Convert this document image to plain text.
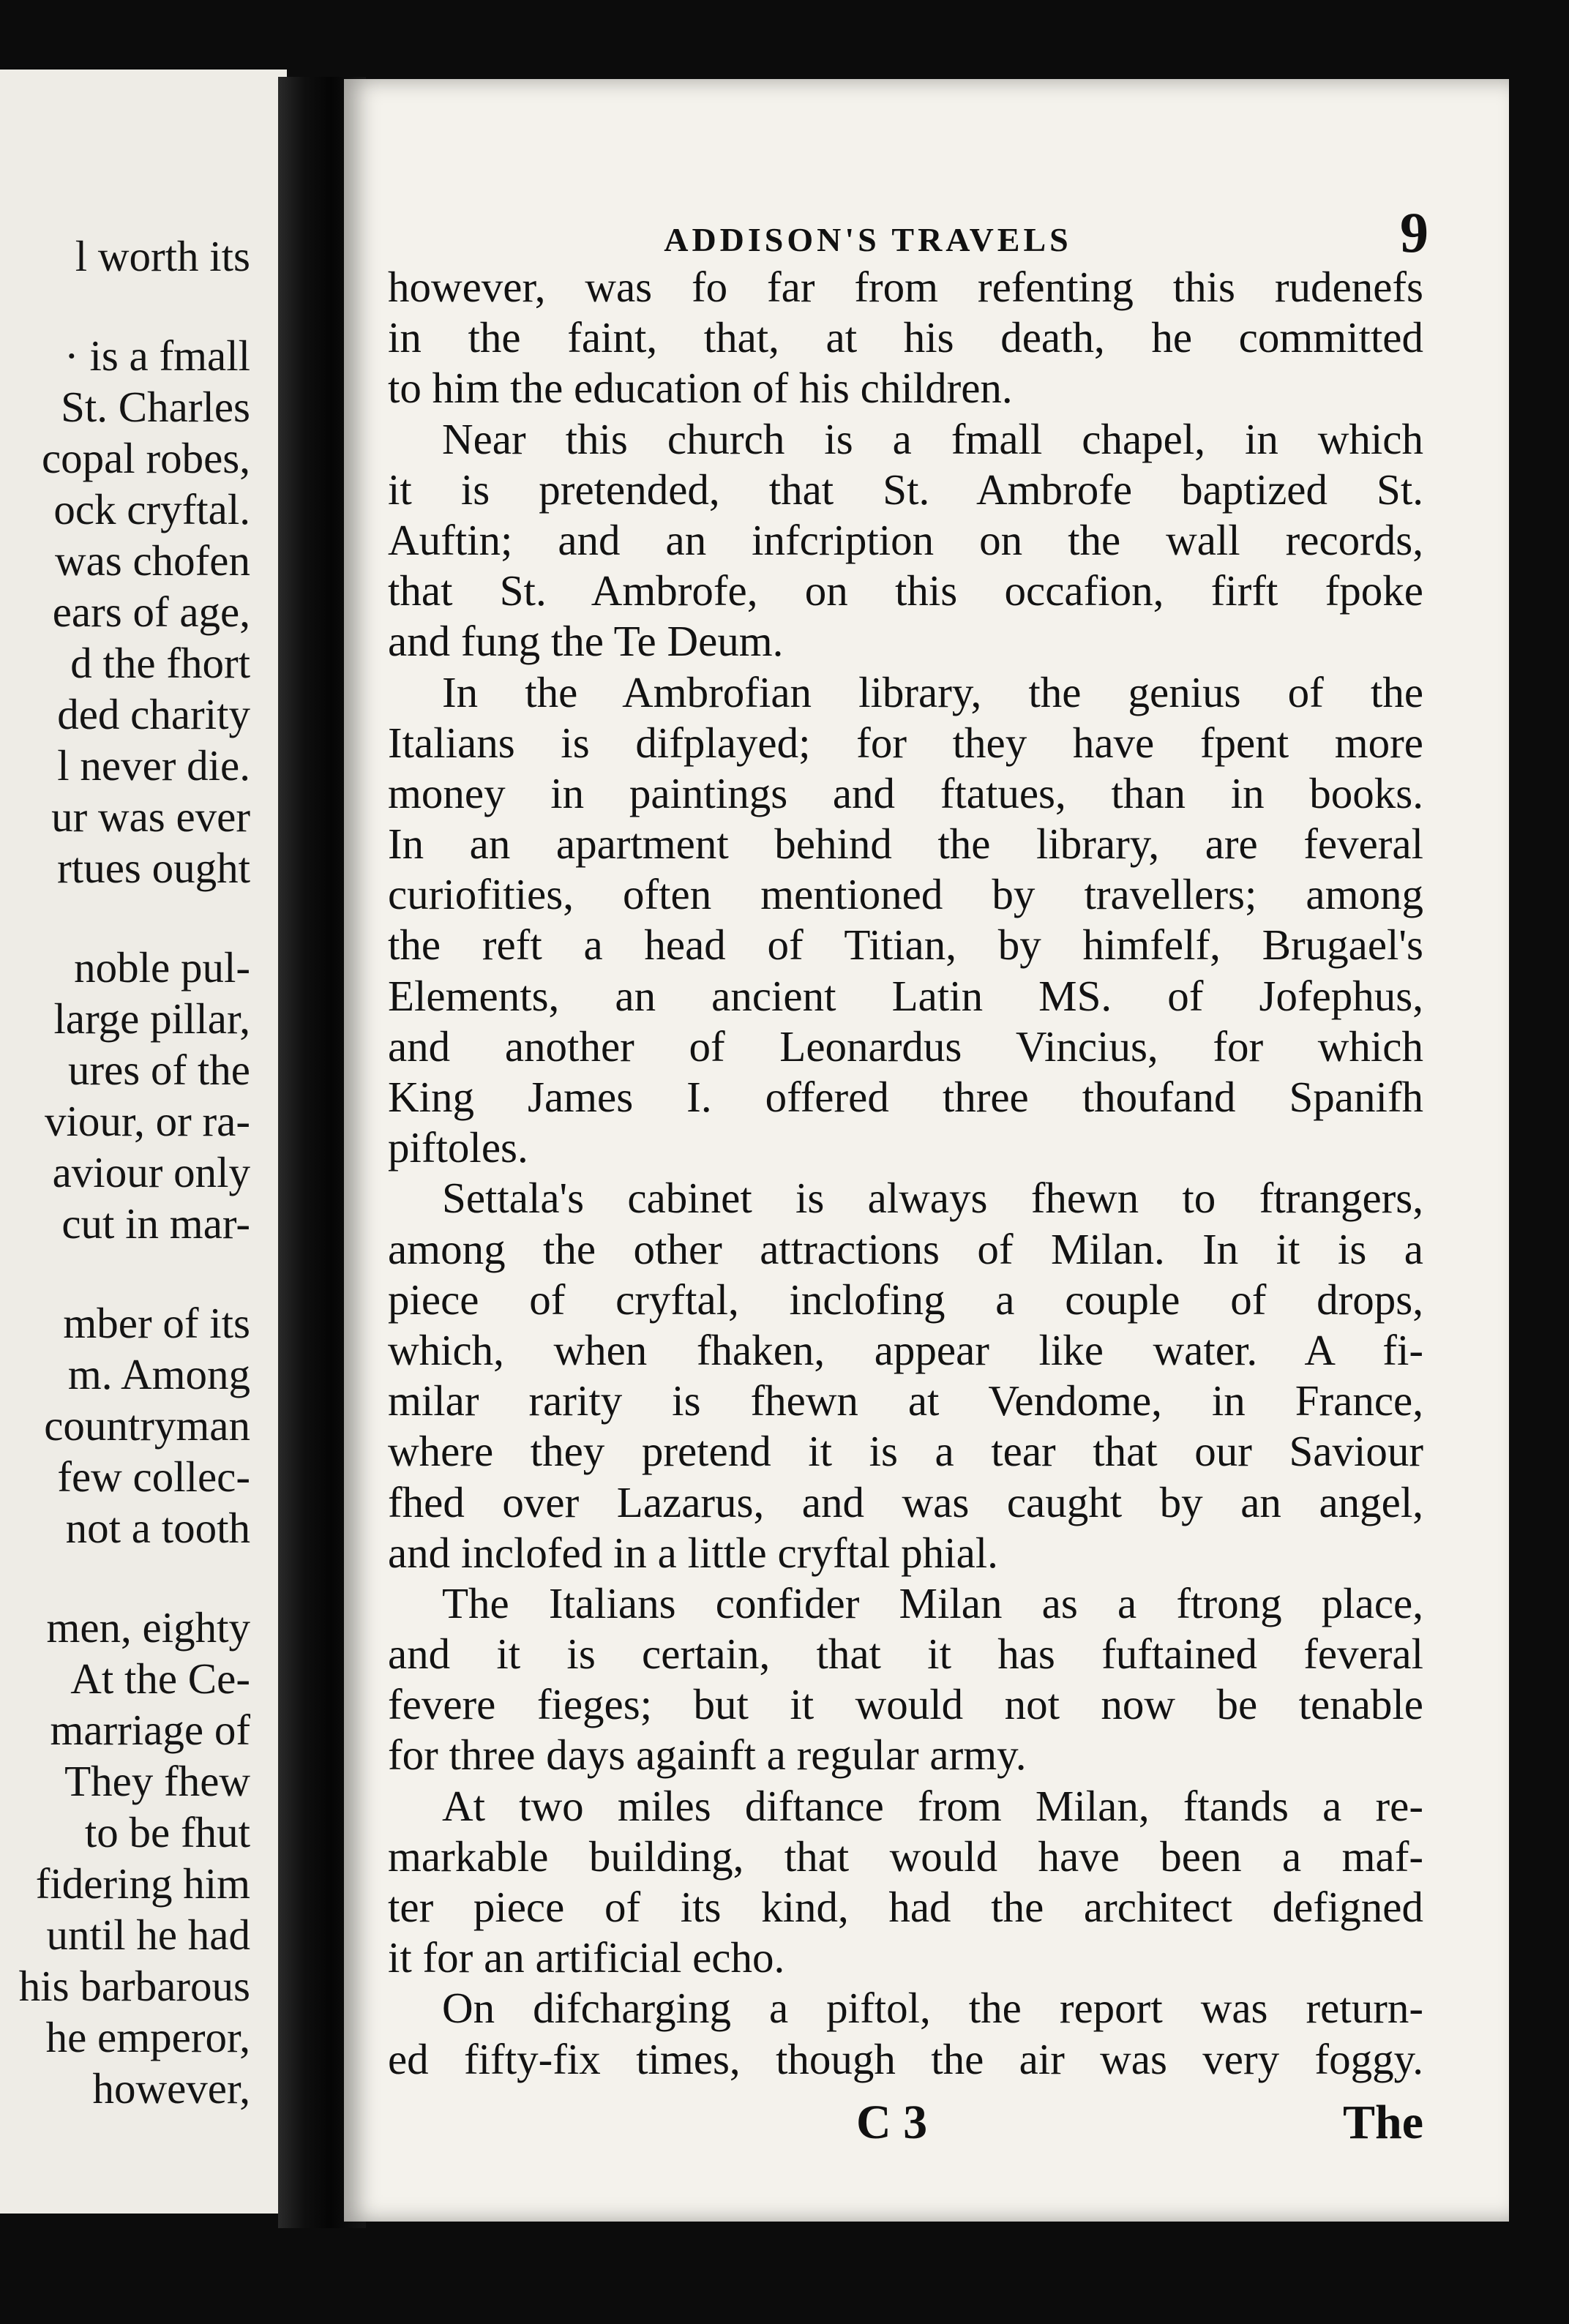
l worth its
· is a fmall
St. Charles
copal robes,
ock cryftal.
was chofen
ears of age,
d the fhort
ded charity
l never die.
ur was ever
rtues ought
noble pul-
large pillar,
ures of the
viour, or ra-
aviour only
cut in mar-
mber of its
m. Among
countryman
few collec-
not a tooth
men, eighty
At the Ce-
marriage of
They fhew
to be fhut
fidering him
until he had
his barbarous
he emperor,
however,
ADDISON'S TRAVELS	9
however, was fo far from refenting this rudenefs
in the faint, that, at his death, he committed
to him the education of his children.
Near this church is a fmall chapel, in which
it is pretended, that St. Ambrofe baptized St.
Auftin; and an infcription on the wall records,
that St. Ambrofe, on this occafion, firft fpoke
and fung the Te Deum.
In the Ambrofian library, the genius of the
Italians is difplayed; for they have fpent more
money in paintings and ftatues, than in books.
In an apartment behind the library, are feveral
curiofities, often mentioned by travellers; among
the reft a head of Titian, by himfelf, Brugael's
Elements, an ancient Latin MS. of Jofephus,
and another of Leonardus Vincius, for which
King James I. offered three thoufand Spanifh
piftoles.
Settala's cabinet is always fhewn to ftrangers,
among the other attractions of Milan. In it is a
piece of cryftal, inclofing a couple of drops,
which, when fhaken, appear like water. A fi-
milar rarity is fhewn at Vendome, in France,
where they pretend it is a tear that our Saviour
fhed over Lazarus, and was caught by an angel,
and inclofed in a little cryftal phial.
The Italians confider Milan as a ftrong place,
and it is certain, that it has fuftained feveral
fevere fieges; but it would not now be tenable
for three days againft a regular army.
At two miles diftance from Milan, ftands a re-
markable building, that would have been a maf-
ter piece of its kind, had the architect defigned
it for an artificial echo.
On difcharging a piftol, the report was return-
ed fifty-fix times, though the air was very foggy.
C 3	The
